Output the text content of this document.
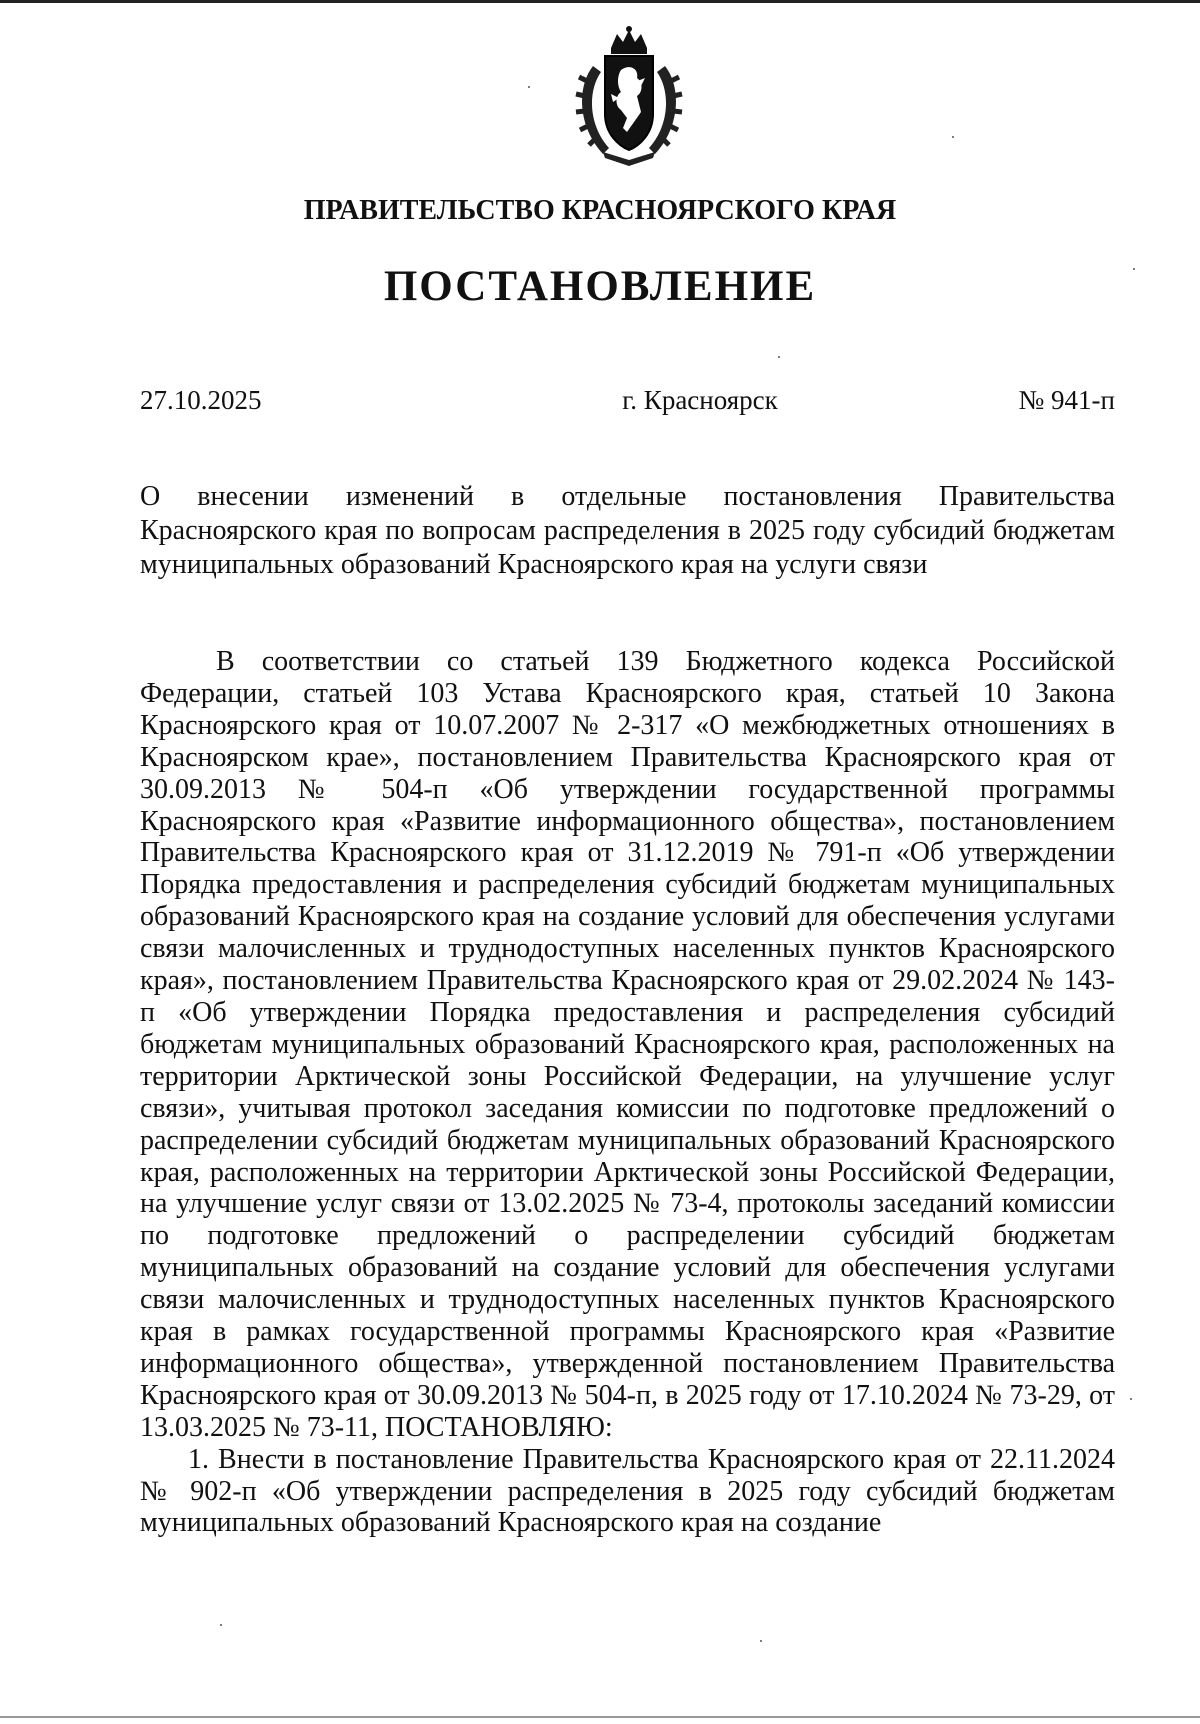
ПРАВИТЕЛЬСТВО КРАСНОЯРСКОГО КРАЯ
ПОСТАНОВЛЕНИЕ
27.10.2025	г. Красноярск	№ 941-п
О внесении изменений в отдельные постановления Правительства Красноярского края по вопросам распределения в 2025 году субсидий бюджетам муниципальных образований Красноярского края на услуги связи

В соответствии со статьей 139 Бюджетного кодекса Российской Федерации, статьей 103 Устава Красноярского края, статьей 10 Закона Красноярского края от 10.07.2007 № 2-317 «О межбюджетных отношениях в Красноярском крае», постановлением Правительства Красноярского края от 30.09.2013 № 504-п «Об утверждении государственной программы Красноярского края «Развитие информационного общества», постановлением Правительства Красноярского края от 31.12.2019 № 791-п «Об утверждении Порядка предоставления и распределения субсидий бюджетам муниципальных образований Красноярского края на создание условий для обеспечения услугами связи малочисленных и труднодоступных населенных пунктов Красноярского края», постановлением Правительства Красноярского края от 29.02.2024 № 143-п «Об утверждении Порядка предоставления и распределения субсидий бюджетам муниципальных образований Красноярского края, расположенных на территории Арктической зоны Российской Федерации, на улучшение услуг связи», учитывая протокол заседания комиссии по подготовке предложений о распределении субсидий бюджетам муниципальных образований Красноярского края, расположенных на территории Арктической зоны Российской Федерации, на улучшение услуг связи от 13.02.2025 № 73-4, протоколы заседаний комиссии по подготовке предложений о распределении субсидий бюджетам муниципальных образований на создание условий для обеспечения услугами связи малочисленных и труднодоступных населенных пунктов Красноярского края в рамках государственной программы Красноярского края «Развитие информационного общества», утвержденной постановлением Правительства Красноярского края от 30.09.2013 № 504-п, в 2025 году от 17.10.2024 № 73-29, от 13.03.2025 № 73-11, ПОСТАНОВЛЯЮ:

1. Внести в постановление Правительства Красноярского края от 22.11.2024 № 902-п «Об утверждении распределения в 2025 году субсидий бюджетам муниципальных образований Красноярского края на создание
